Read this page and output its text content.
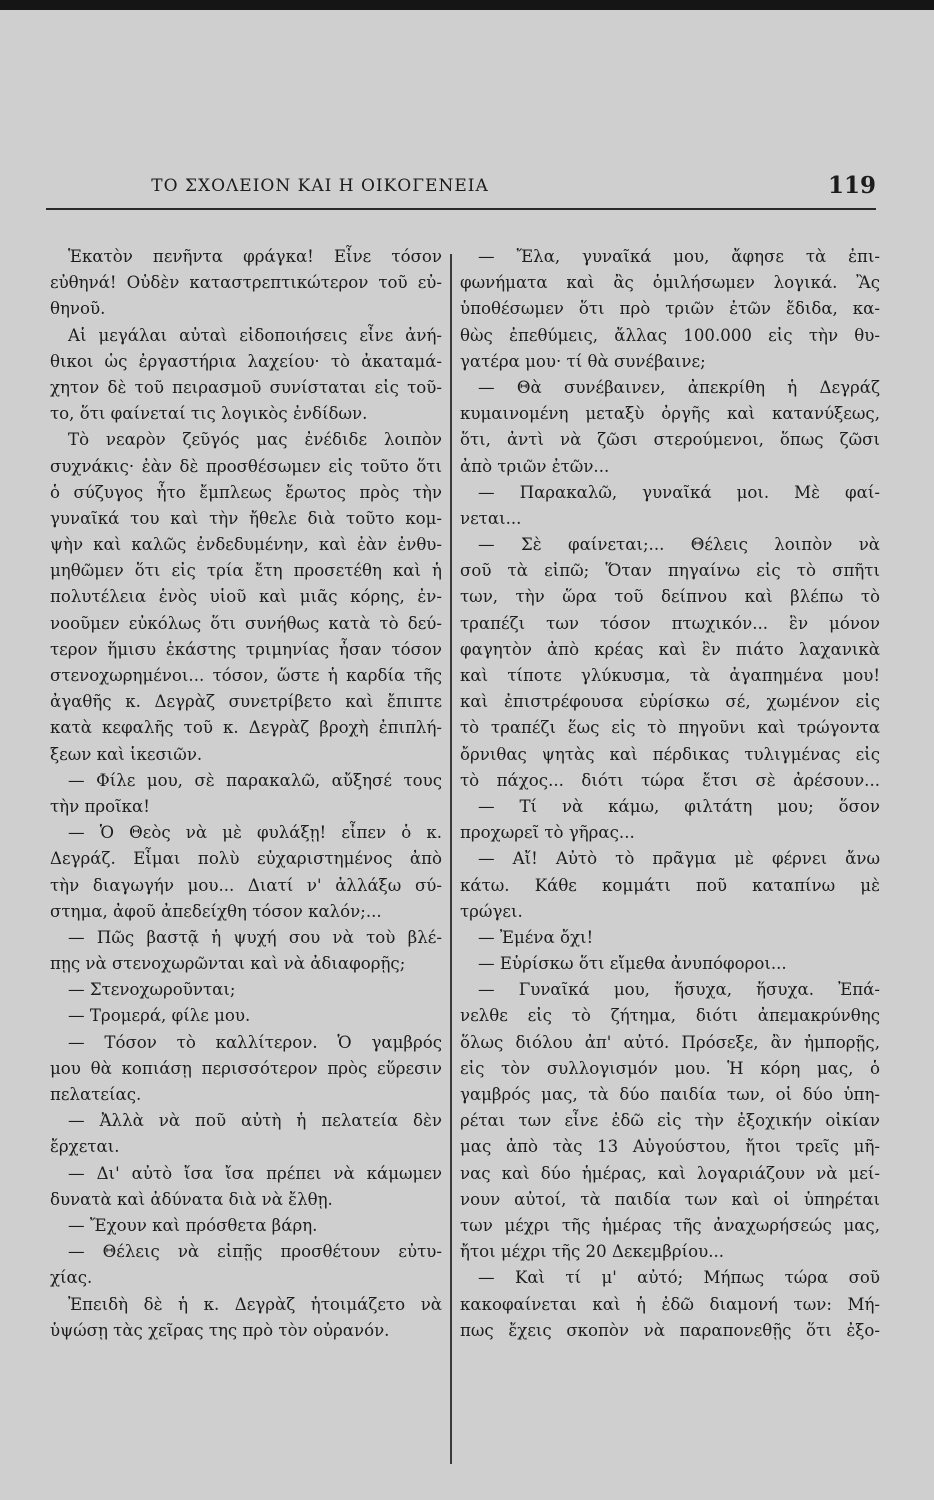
ΤΟ ΣΧΟΛΕΙΟΝ ΚΑΙ Η ΟΙΚΟΓΕΝΕΙΑ	119
Ἑκατὸν πενῆντα φράγκα! Εἶνε τόσον
εὐθηνά! Οὐδὲν καταστρεπτικώτερον τοῦ εὐ-
θηνοῦ.
Αἱ μεγάλαι αὐταὶ εἰδοποιήσεις εἶνε ἀνή-
θικοι ὡς ἐργαστήρια λαχείου· τὸ ἀκαταμά-
χητον δὲ τοῦ πειρασμοῦ συνίσταται εἰς τοῦ-
το, ὅτι φαίνεταί τις λογικὸς ἐνδίδων.
Τὸ νεαρὸν ζεῦγός μας ἐνέδιδε λοιπὸν
συχνάκις· ἐὰν δὲ προσθέσωμεν εἰς τοῦτο ὅτι
ὁ σύζυγος ἦτο ἔμπλεως ἔρωτος πρὸς τὴν
γυναῖκά του καὶ τὴν ἤθελε διὰ τοῦτο κομ-
ψὴν καὶ καλῶς ἐνδεδυμένην, καὶ ἐὰν ἐνθυ-
μηθῶμεν ὅτι εἰς τρία ἔτη προσετέθη καὶ ἡ
πολυτέλεια ἑνὸς υἱοῦ καὶ μιᾶς κόρης, ἐν-
νοοῦμεν εὐκόλως ὅτι συνήθως κατὰ τὸ δεύ-
τερον ἥμισυ ἑκάστης τριμηνίας ἦσαν τόσον
στενοχωρημένοι... τόσον, ὥστε ἡ καρδία τῆς
ἀγαθῆς κ. Δεγρὰζ συνετρίβετο καὶ ἔπιπτε
κατὰ κεφαλῆς τοῦ κ. Δεγρὰζ βροχὴ ἐπιπλή-
ξεων καὶ ἱκεσιῶν.
— Φίλε μου, σὲ παρακαλῶ, αὔξησέ τους
τὴν προῖκα!
— Ὁ Θεὸς νὰ μὲ φυλάξῃ! εἶπεν ὁ κ.
Δεγράζ. Εἶμαι πολὺ εὐχαριστημένος ἀπὸ
τὴν διαγωγήν μου... Διατί ν' ἀλλάξω σύ-
στημα, ἀφοῦ ἀπεδείχθη τόσον καλόν;...
— Πῶς βαστᾷ ἡ ψυχή σου νὰ τοὺ βλέ-
πῃς νὰ στενοχωρῶνται καὶ νὰ ἀδιαφορῇς;
— Στενοχωροῦνται;
— Τρομερά, φίλε μου.
— Τόσον τὸ καλλίτερον. Ὁ γαμβρός
μου θὰ κοπιάσῃ περισσότερον πρὸς εὕρεσιν
πελατείας.
— Ἀλλὰ νὰ ποῦ αὐτὴ ἡ πελατεία δὲν
ἔρχεται.
— Δι' αὐτὸ ἴσα ἴσα πρέπει νὰ κάμωμεν
δυνατὰ καὶ ἀδύνατα διὰ νὰ ἔλθῃ.
— Ἔχουν καὶ πρόσθετα βάρη.
— Θέλεις νὰ εἰπῇς προσθέτουν εὐτυ-
χίας.
Ἐπειδὴ δὲ ἡ κ. Δεγρὰζ ἡτοιμάζετο νὰ
ὑψώσῃ τὰς χεῖρας της πρὸ τὸν οὐρανόν.
— Ἔλα, γυναῖκά μου, ἄφησε τὰ ἐπι-
φωνήματα καὶ ἂς ὁμιλήσωμεν λογικά. Ἂς
ὑποθέσωμεν ὅτι πρὸ τριῶν ἐτῶν ἔδιδα, κα-
θὼς ἐπεθύμεις, ἄλλας 100.000 εἰς τὴν θυ-
γατέρα μου· τί θὰ συνέβαινε;
— Θὰ συνέβαινεν, ἀπεκρίθη ἡ Δεγράζ
κυμαινομένη μεταξὺ ὀργῆς καὶ κατανύξεως,
ὅτι, ἀντὶ νὰ ζῶσι στερούμενοι, ὅπως ζῶσι
ἀπὸ τριῶν ἐτῶν...
— Παρακαλῶ, γυναῖκά μοι. Μὲ φαί-
νεται...
— Σὲ φαίνεται;... Θέλεις λοιπὸν νὰ
σοῦ τὰ εἰπῶ; Ὅταν πηγαίνω εἰς τὸ σπῆτι
των, τὴν ὥρα τοῦ δείπνου καὶ βλέπω τὸ
τραπέζι των τόσον πτωχικόν... ἓν μόνον
φαγητὸν ἀπὸ κρέας καὶ ἓν πιάτο λαχανικὰ
καὶ τίποτε γλύκυσμα, τὰ ἀγαπημένα μου!
καὶ ἐπιστρέφουσα εὑρίσκω σέ, χωμένον εἰς
τὸ τραπέζι ἕως εἰς τὸ πηγοῦνι καὶ τρώγοντα
ὄρνιθας ψητὰς καὶ πέρδικας τυλιγμένας εἰς
τὸ πάχος... διότι τώρα ἔτσι σὲ ἀρέσουν...
— Τί νὰ κάμω, φιλτάτη μου; ὅσον
προχωρεῖ τὸ γῆρας...
— Αἴ! Αὐτὸ τὸ πρᾶγμα μὲ φέρνει ἄνω
κάτω. Κάθε κομμάτι ποῦ καταπίνω μὲ
τρώγει.
— Ἐμένα ὄχι!
— Εὑρίσκω ὅτι εἴμεθα ἀνυπόφοροι...
— Γυναῖκά μου, ἥσυχα, ἥσυχα. Ἐπά-
νελθε εἰς τὸ ζήτημα, διότι ἀπεμακρύνθης
ὅλως διόλου ἀπ' αὐτό. Πρόσεξε, ἂν ἠμπορῇς,
εἰς τὸν συλλογισμόν μου. Ἡ κόρη μας, ὁ
γαμβρός μας, τὰ δύο παιδία των, οἱ δύο ὑπη-
ρέται των εἶνε ἐδῶ εἰς τὴν ἐξοχικήν οἰκίαν
μας ἀπὸ τὰς 13 Αὐγούστου, ἤτοι τρεῖς μῆ-
νας καὶ δύο ἡμέρας, καὶ λογαριάζουν νὰ μεί-
νουν αὐτοί, τὰ παιδία των καὶ οἱ ὑπηρέται
των μέχρι τῆς ἡμέρας τῆς ἀναχωρήσεώς μας,
ἤτοι μέχρι τῆς 20 Δεκεμβρίου...
— Καὶ τί μ' αὐτό; Μήπως τώρα σοῦ
κακοφαίνεται καὶ ἡ ἐδῶ διαμονή των: Μή-
πως ἔχεις σκοπὸν νὰ παραπονεθῇς ὅτι ἐξο-
